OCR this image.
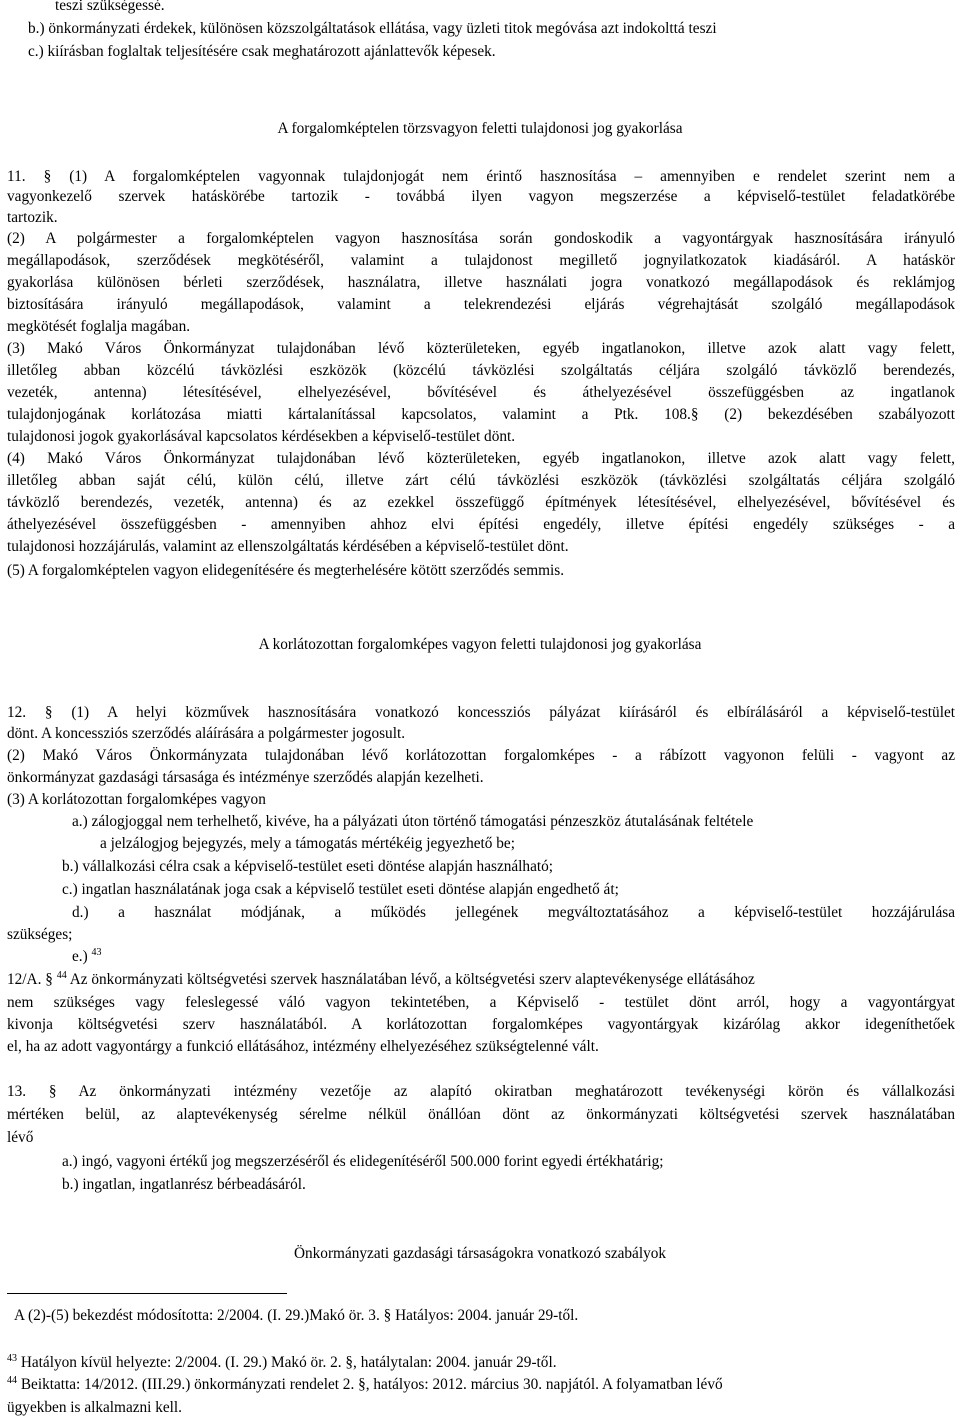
teszi szükségessé.
b.) önkormányzati érdekek, különösen közszolgáltatások ellátása, vagy üzleti titok megóvása azt indokolttá teszi
c.) kiírásban foglaltak teljesítésére csak meghatározott ajánlattevők képesek.
A forgalomképtelen törzsvagyon feletti tulajdonosi jog gyakorlása
11. § (1) A forgalomképtelen vagyonnak tulajdonjogát nem érintő hasznosítása – amennyiben e rendelet szerint nem a
vagyonkezelő szervek hatáskörébe tartozik - továbbá ilyen vagyon megszerzése a képviselő-testület feladatkörébe
tartozik.
(2) A polgármester a forgalomképtelen vagyon hasznosítása során gondoskodik a vagyontárgyak hasznosítására irányuló
megállapodások, szerződések megkötéséről, valamint a tulajdonost megillető jognyilatkozatok kiadásáról. A hatáskör
gyakorlása különösen bérleti szerződések, használatra, illetve használati jogra vonatkozó megállapodások és reklámjog
biztosítására irányuló megállapodások, valamint a telekrendezési eljárás végrehajtását szolgáló megállapodások
megkötését foglalja magában.
(3) Makó Város Önkormányzat tulajdonában lévő közterületeken, egyéb ingatlanokon, illetve azok alatt vagy felett,
illetőleg abban közcélú távközlési eszközök (közcélú távközlési szolgáltatás céljára szolgáló távközlő berendezés,
vezeték, antenna) létesítésével, elhelyezésével, bővítésével és áthelyezésével összefüggésben az ingatlanok
tulajdonjogának korlátozása miatti kártalanítással kapcsolatos, valamint a Ptk. 108.§ (2) bekezdésében szabályozott
tulajdonosi jogok gyakorlásával kapcsolatos kérdésekben a képviselő-testület dönt.
(4) Makó Város Önkormányzat tulajdonában lévő közterületeken, egyéb ingatlanokon, illetve azok alatt vagy felett,
illetőleg abban saját célú, külön célú, illetve zárt célú távközlési eszközök (távközlési szolgáltatás céljára szolgáló
távközlő berendezés, vezeték, antenna) és az ezekkel összefüggő építmények létesítésével, elhelyezésével, bővítésével és
áthelyezésével összefüggésben - amennyiben ahhoz elvi építési engedély, illetve építési engedély szükséges - a
tulajdonosi hozzájárulás, valamint az ellenszolgáltatás kérdésében a képviselő-testület dönt.
(5) A forgalomképtelen vagyon elidegenítésére és megterhelésére kötött szerződés semmis.
A korlátozottan forgalomképes vagyon feletti tulajdonosi jog gyakorlása
12. § (1) A helyi közművek hasznosítására vonatkozó koncessziós pályázat kiírásáról és elbírálásáról a képviselő-testület
dönt. A koncessziós szerződés aláírására a polgármester jogosult.
(2) Makó Város Önkormányzata tulajdonában lévő korlátozottan forgalomképes - a rábízott vagyonon felüli - vagyont az
önkormányzat gazdasági társasága és intézménye szerződés alapján kezelheti.
(3) A korlátozottan forgalomképes vagyon
a.) zálogjoggal nem terhelhető, kivéve, ha a pályázati úton történő támogatási pénzeszköz átutalásának feltétele
a jelzálogjog bejegyzés, mely a támogatás mértékéig jegyezhető be;
b.) vállalkozási célra csak a képviselő-testület eseti döntése alapján használható;
c.) ingatlan használatának joga csak a képviselő testület eseti döntése alapján engedhető át;
d.) a használat módjának, a működés jellegének megváltoztatásához a képviselő-testület hozzájárulása
szükséges;
e.) $^{43}$
12/A. § $^{44}$ Az önkormányzati költségvetési szervek használatában lévő, a költségvetési szerv alaptevékenysége ellátásához
nem szükséges vagy feleslegessé váló vagyon tekintetében, a Képviselő - testület dönt arról, hogy a vagyontárgyat
kivonja költségvetési szerv használatából. A korlátozottan forgalomképes vagyontárgyak kizárólag akkor idegeníthetőek
el, ha az adott vagyontárgy a funkció ellátásához, intézmény elhelyezéséhez szükségtelenné vált.
13. § Az önkormányzati intézmény vezetője az alapító okiratban meghatározott tevékenységi körön és vállalkozási
mértéken belül, az alaptevékenység sérelme nélkül önállóan dönt az önkormányzati költségvetési szervek használatában
lévő
a.) ingó, vagyoni értékű jog megszerzéséről és elidegenítéséről 500.000 forint egyedi értékhatárig;
b.) ingatlan, ingatlanrész bérbeadásáról.
Önkormányzati gazdasági társaságokra vonatkozó szabályok
A (2)-(5) bekezdést módosította: 2/2004. (I. 29.)Makó ör. 3. § Hatályos: 2004. január 29-től.
$^{43}$ Hatályon kívül helyezte: 2/2004. (I. 29.) Makó ör. 2. §, hatálytalan: 2004. január 29-től.
$^{44}$ Beiktatta: 14/2012. (III.29.) önkormányzati rendelet 2. §, hatályos: 2012. március 30. napjától. A folyamatban lévő
ügyekben is alkalmazni kell.
